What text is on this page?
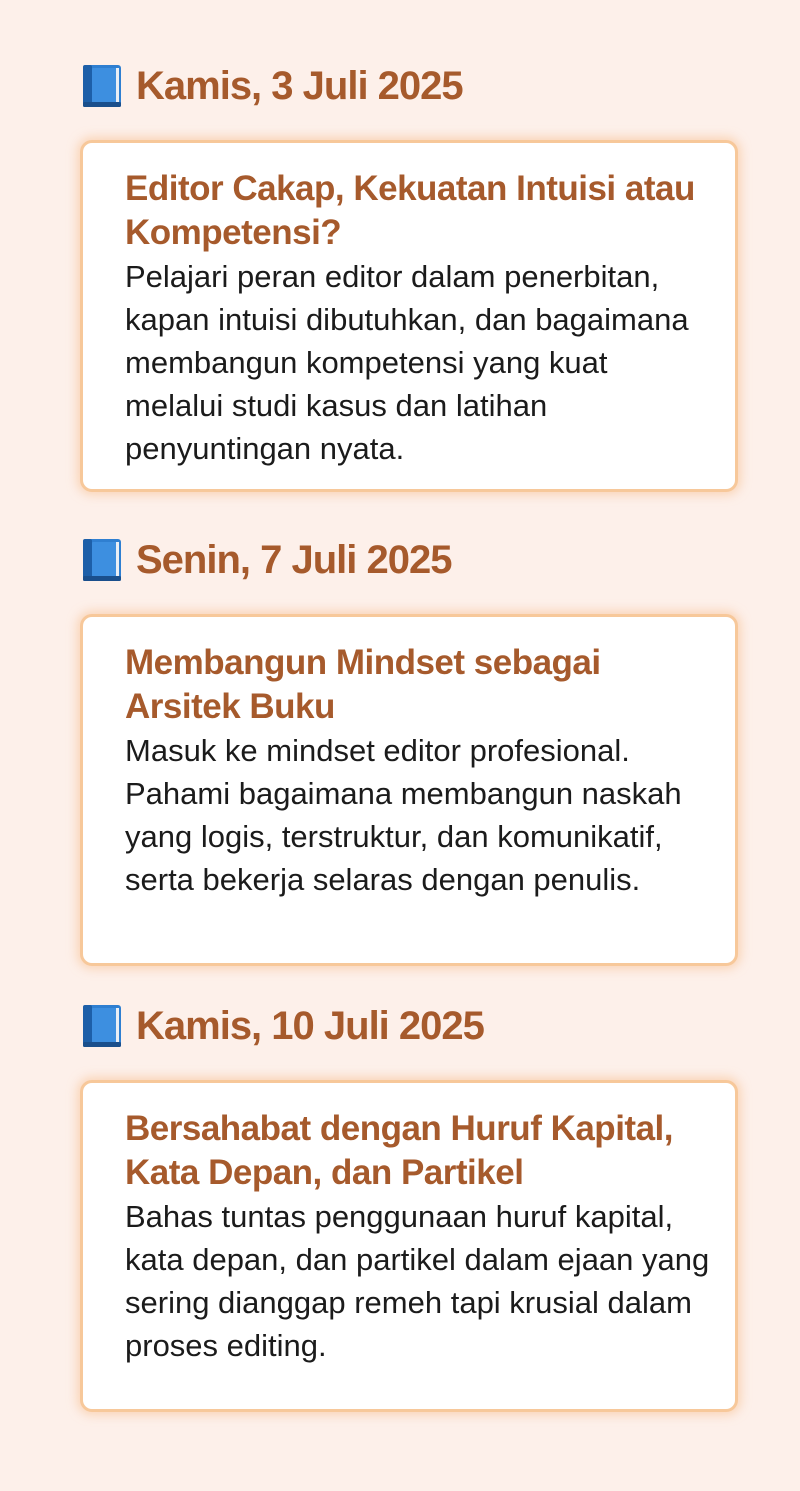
Kamis, 3 Juli 2025
Editor Cakap, Kekuatan Intuisi atau Kompetensi?

Pelajari peran editor dalam penerbitan, kapan intuisi dibutuhkan, dan bagaimana membangun kompetensi yang kuat melalui studi kasus dan latihan penyuntingan nyata.

Senin, 7 Juli 2025
Membangun Mindset sebagai Arsitek Buku

Masuk ke mindset editor profesional. Pahami bagaimana membangun naskah yang logis, terstruktur, dan komunikatif, serta bekerja selaras dengan penulis.

Kamis, 10 Juli 2025
Bersahabat dengan Huruf Kapital, Kata Depan, dan Partikel

Bahas tuntas penggunaan huruf kapital, kata depan, dan partikel dalam ejaan yang sering dianggap remeh tapi krusial dalam proses editing.
